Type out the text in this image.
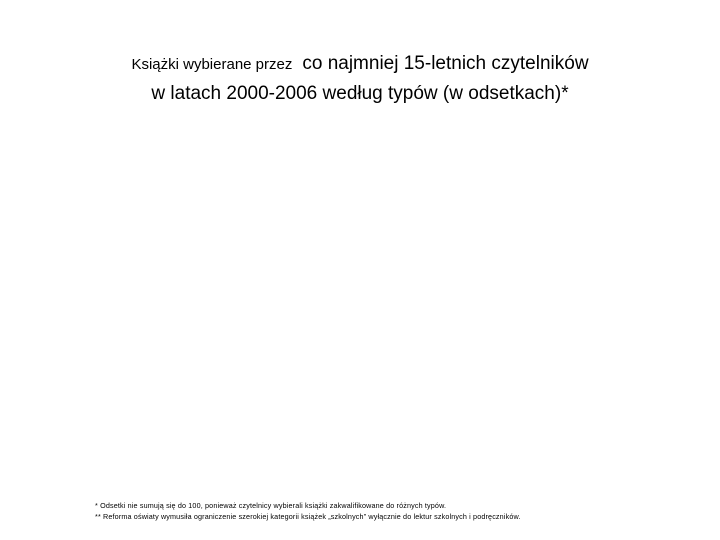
Książki wybierane przez co najmniej 15-letnich czytelników
w latach 2000-2006 według typów (w odsetkach)*
* Odsetki nie sumują się do 100, ponieważ czytelnicy wybierali książki zakwalifikowane do różnych typów.
** Reforma oświaty wymusiła ograniczenie szerokiej kategorii książek „szkolnych” wyłącznie do lektur szkolnych i podręczników.
